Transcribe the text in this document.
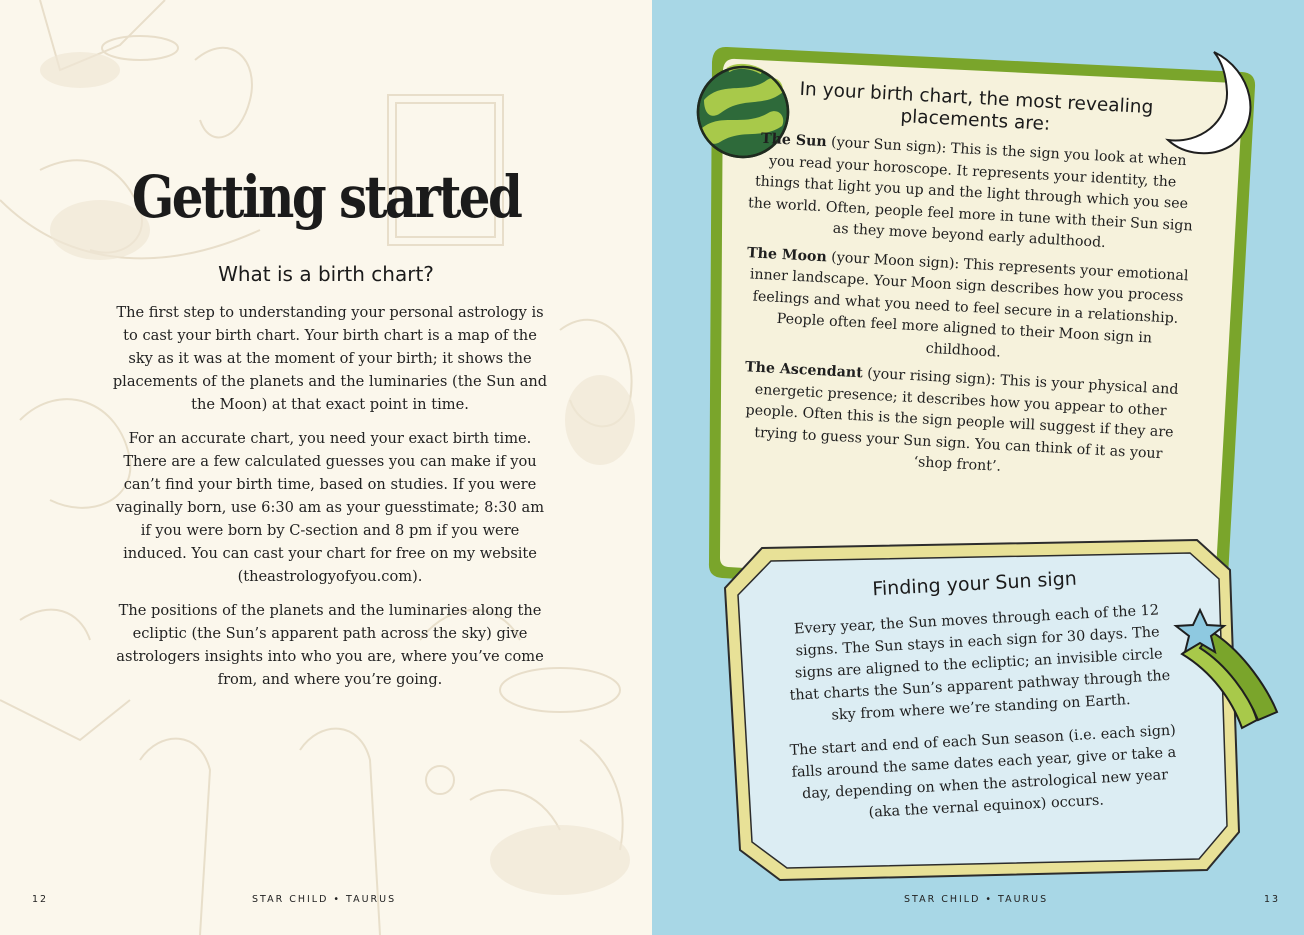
Getting started
What is a birth chart?

The first step to understanding your personal astrology is to cast your birth chart. Your birth chart is a map of the sky as it was at the moment of your birth; it shows the placements of the planets and the luminaries (the Sun and the Moon) at that exact point in time.

For an accurate chart, you need your exact birth time. There are a few calculated guesses you can make if you can’t find your birth time, based on studies. If you were vaginally born, use 6:30 am as your guesstimate; 8:30 am if you were born by C-section and 8 pm if you were induced. You can cast your chart for free on my website (theastrologyofyou.com).

The positions of the planets and the luminaries along the ecliptic (the Sun’s apparent path across the sky) give astrologers insights into who you are, where you’ve come from, and where you’re going.

12	STAR CHILD • TAURUS
In your birth chart, the most revealing placements are:

The Sun (your Sun sign): This is the sign you look at when you read your horoscope. It represents your identity, the things that light you up and the light through which you see the world. Often, people feel more in tune with their Sun sign as they move beyond early adulthood.

The Moon (your Moon sign): This represents your emotional inner landscape. Your Moon sign describes how you process feelings and what you need to feel secure in a relationship. People often feel more aligned to their Moon sign in childhood.

The Ascendant (your rising sign): This is your physical and energetic presence; it describes how you appear to other people. Often this is the sign people will suggest if they are trying to guess your Sun sign. You can think of it as your ‘shop front’.

Finding your Sun sign

Every year, the Sun moves through each of the 12 signs. The Sun stays in each sign for 30 days. The signs are aligned to the ecliptic; an invisible circle that charts the Sun’s apparent pathway through the sky from where we’re standing on Earth.

The start and end of each Sun season (i.e. each sign) falls around the same dates each year, give or take a day, depending on when the astrological new year (aka the vernal equinox) occurs.

STAR CHILD • TAURUS	13
